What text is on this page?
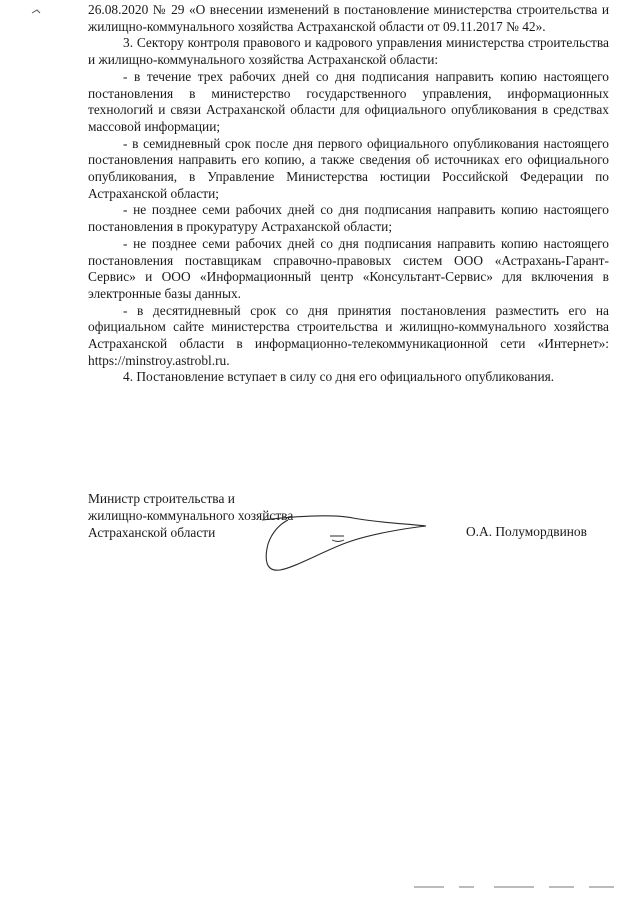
26.08.2020 № 29 «О внесении изменений в постановление министерства строительства и жилищно-коммунального хозяйства Астраханской области от 09.11.2017 № 42».

3. Сектору контроля правового и кадрового управления министерства строительства и жилищно-коммунального хозяйства Астраханской области:

- в течение трех рабочих дней со дня подписания направить копию настоящего постановления в министерство государственного управления, информационных технологий и связи Астраханской области для официального опубликования в средствах массовой информации;

- в семидневный срок после дня первого официального опубликования настоящего постановления направить его копию, а также сведения об источниках его официального опубликования, в Управление Министерства юстиции Российской Федерации по Астраханской области;

- не позднее семи рабочих дней со дня подписания направить копию настоящего постановления в прокуратуру Астраханской области;

- не позднее семи рабочих дней со дня подписания направить копию настоящего постановления поставщикам справочно-правовых систем ООО «Астрахань-Гарант-Сервис» и ООО «Информационный центр «Консультант-Сервис» для включения в электронные базы данных.

- в десятидневный срок со дня принятия постановления разместить его на официальном сайте министерства строительства и жилищно-коммунального хозяйства Астраханской области в информационно-телекоммуникационной сети «Интернет»: https://minstroy.astrobl.ru.

4. Постановление вступает в силу со дня его официального опубликования.

Министр строительства и
жилищно-коммунального хозяйства
Астраханской области	О.А. Полумордвинов
